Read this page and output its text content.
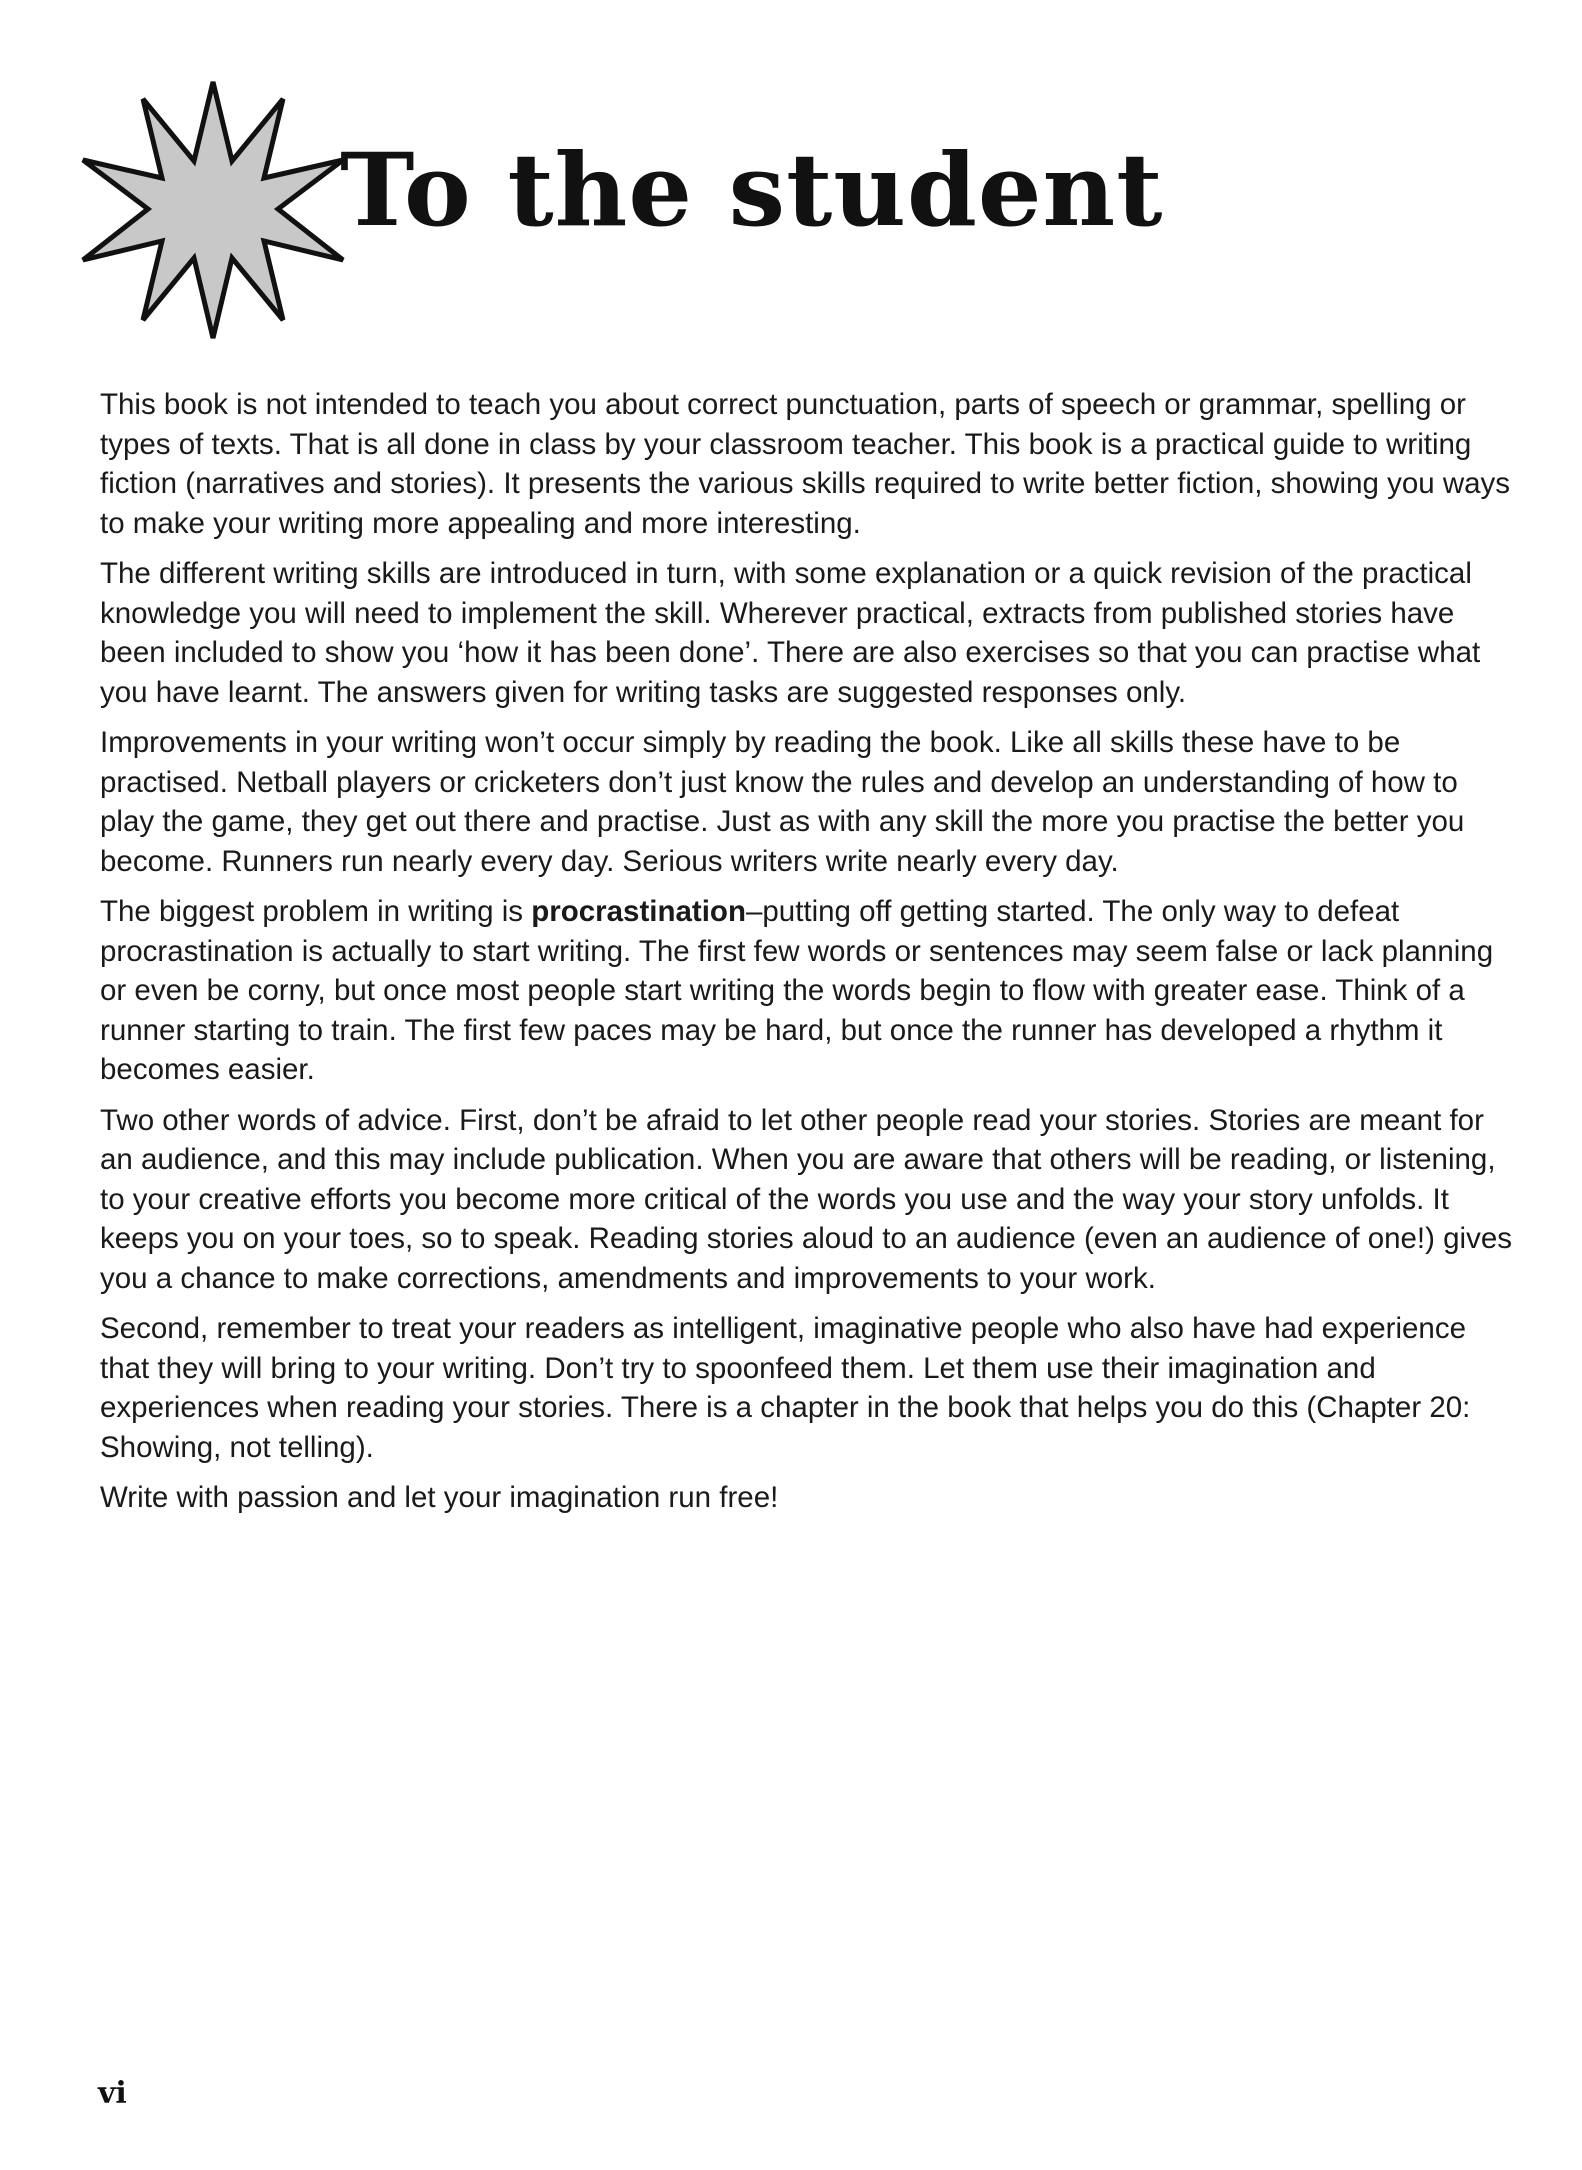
To the student

This book is not intended to teach you about correct punctuation, parts of speech or grammar, spelling or types of texts. That is all done in class by your classroom teacher. This book is a practical guide to writing fiction (narratives and stories). It presents the various skills required to write better fiction, showing you ways to make your writing more appealing and more interesting.

The different writing skills are introduced in turn, with some explanation or a quick revision of the practical knowledge you will need to implement the skill. Wherever practical, extracts from published stories have been included to show you ‘how it has been done’. There are also exercises so that you can practise what you have learnt. The answers given for writing tasks are suggested responses only.

Improvements in your writing won’t occur simply by reading the book. Like all skills these have to be practised. Netball players or cricketers don’t just know the rules and develop an understanding of how to play the game, they get out there and practise. Just as with any skill the more you practise the better you become. Runners run nearly every day. Serious writers write nearly every day.

The biggest problem in writing is procrastination–putting off getting started. The only way to defeat procrastination is actually to start writing. The first few words or sentences may seem false or lack planning or even be corny, but once most people start writing the words begin to flow with greater ease. Think of a runner starting to train. The first few paces may be hard, but once the runner has developed a rhythm it becomes easier.

Two other words of advice. First, don’t be afraid to let other people read your stories. Stories are meant for an audience, and this may include publication. When you are aware that others will be reading, or listening, to your creative efforts you become more critical of the words you use and the way your story unfolds. It keeps you on your toes, so to speak. Reading stories aloud to an audience (even an audience of one!) gives you a chance to make corrections, amendments and improvements to your work.

Second, remember to treat your readers as intelligent, imaginative people who also have had experience that they will bring to your writing. Don’t try to spoonfeed them. Let them use their imagination and experiences when reading your stories. There is a chapter in the book that helps you do this (Chapter 20: Showing, not telling).

Write with passion and let your imagination run free!

vi
